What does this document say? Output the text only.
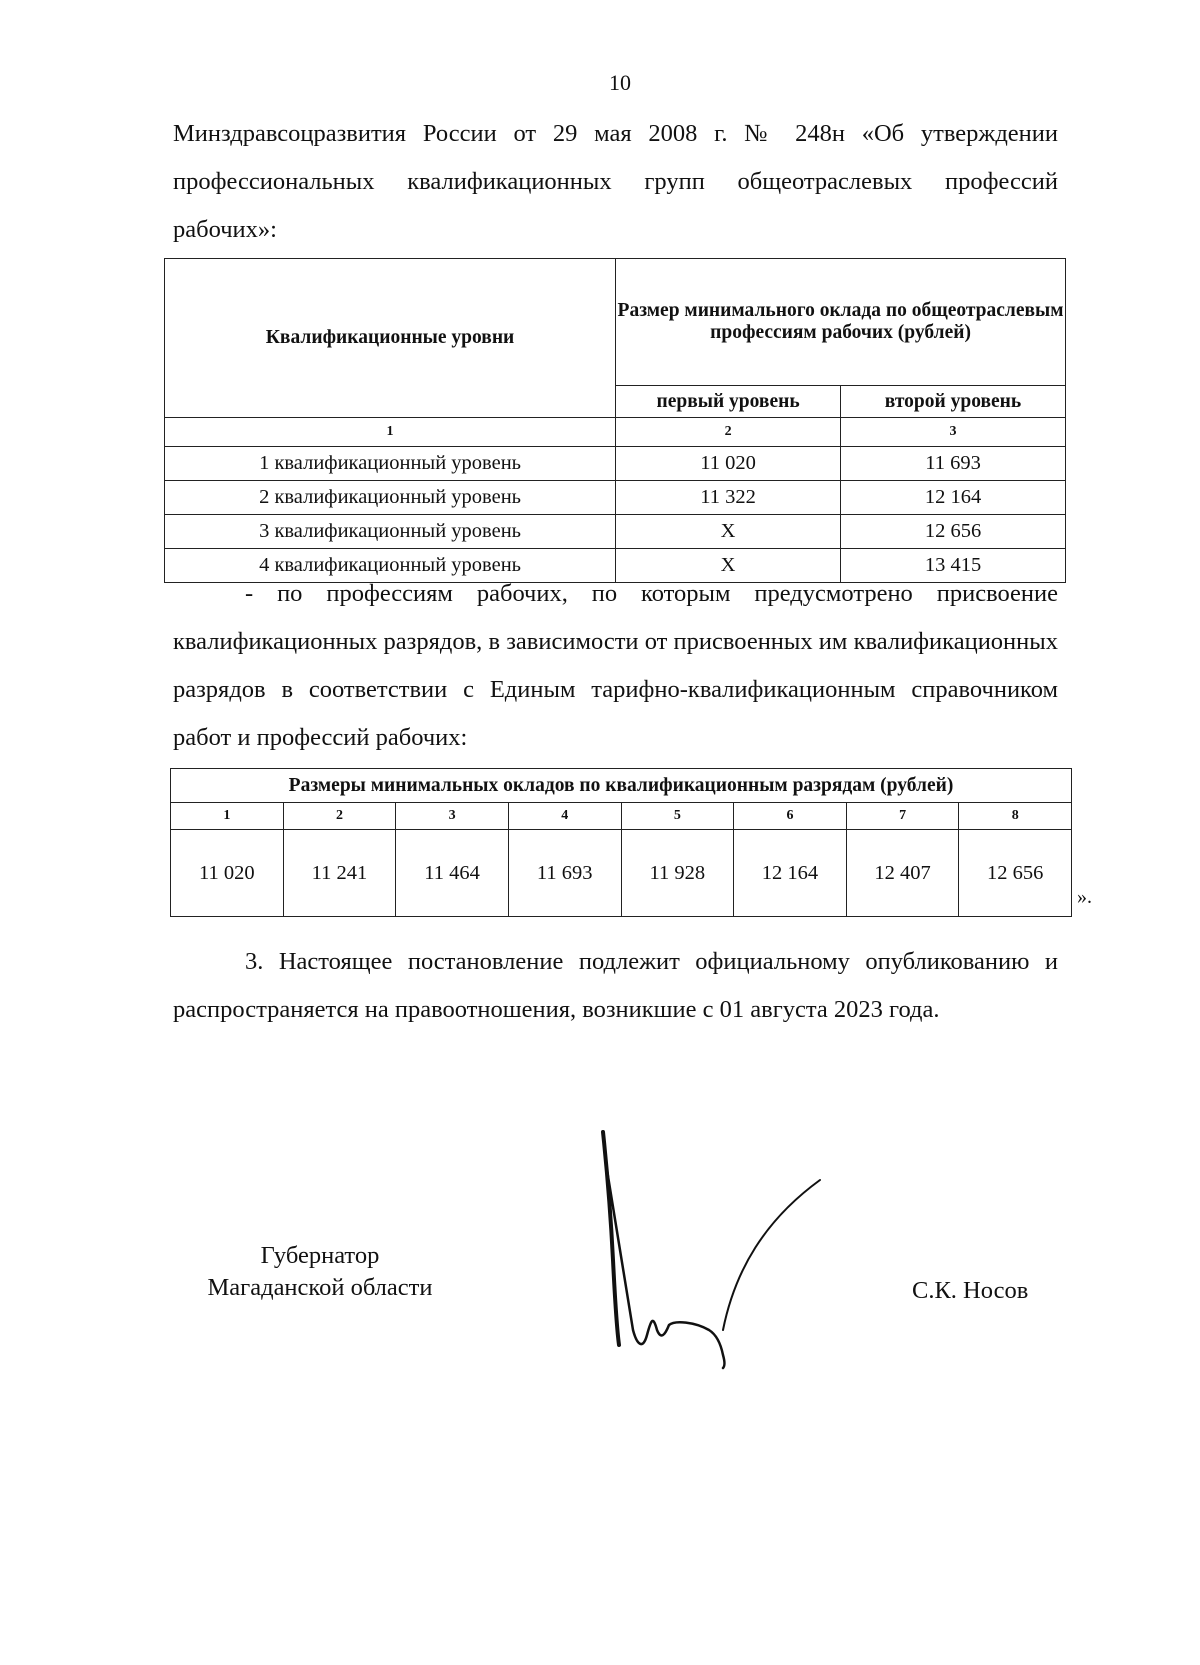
10
Минздравсоцразвития России от 29 мая 2008 г. № 248н «Об утверждении профессиональных квалификационных групп общеотраслевых профессий рабочих»:
Квалификационные уровни	Размер минимального оклада по общеотраслевым профессиям рабочих (рублей)	
	первый уровень	второй уровень
1	2	3
1 квалификационный уровень	11 020	11 693
2 квалификационный уровень	11 322	12 164
3 квалификационный уровень	X	12 656
4 квалификационный уровень	X	13 415
- по профессиям рабочих, по которым предусмотрено присвоение квалификационных разрядов, в зависимости от присвоенных им квалификационных разрядов в соответствии с Единым тарифно-квалификационным справочником работ и профессий рабочих:
Размеры минимальных окладов по квалификационным разрядам (рублей)							
1	2	3	4	5	6	7	8
11 020	11 241	11 464	11 693	11 928	12 164	12 407	12 656
».
3. Настоящее постановление подлежит официальному опубликованию и распространяется на правоотношения, возникшие с 01 августа 2023 года.
Губернатор
Магаданской области	С.К. Носов
